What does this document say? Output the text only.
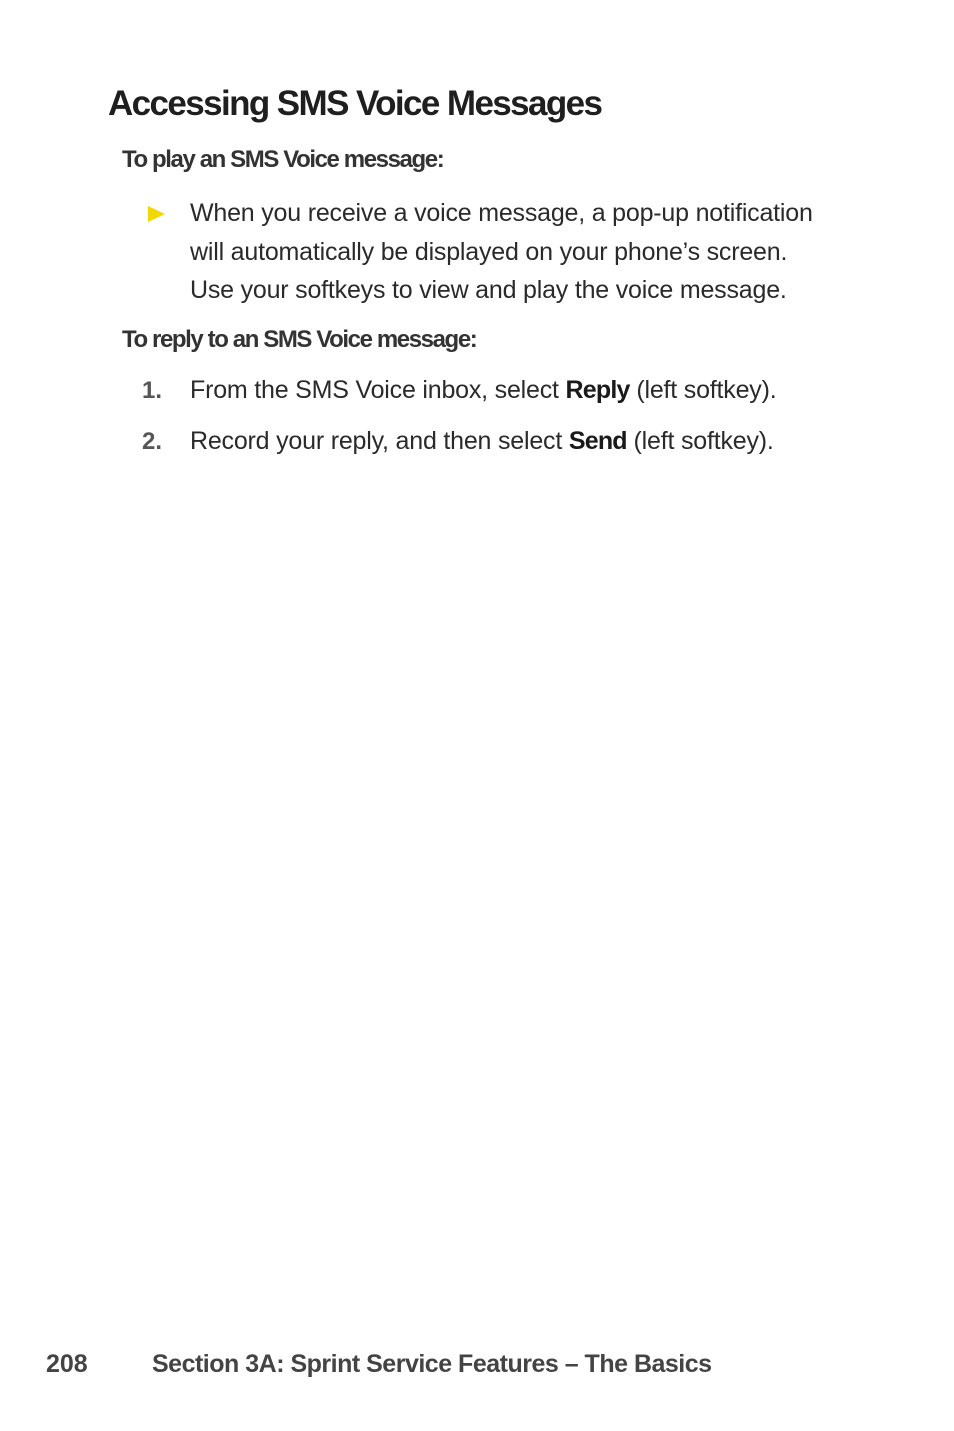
Accessing SMS Voice Messages
To play an SMS Voice message:

When you receive a voice message, a pop-up notification
will automatically be displayed on your phone’s screen.
Use your softkeys to view and play the voice message.

To reply to an SMS Voice message:
1. From the SMS Voice inbox, select Reply (left softkey).

2. Record your reply, and then select Send (left softkey).

208	Section 3A: Sprint Service Features – The Basics
